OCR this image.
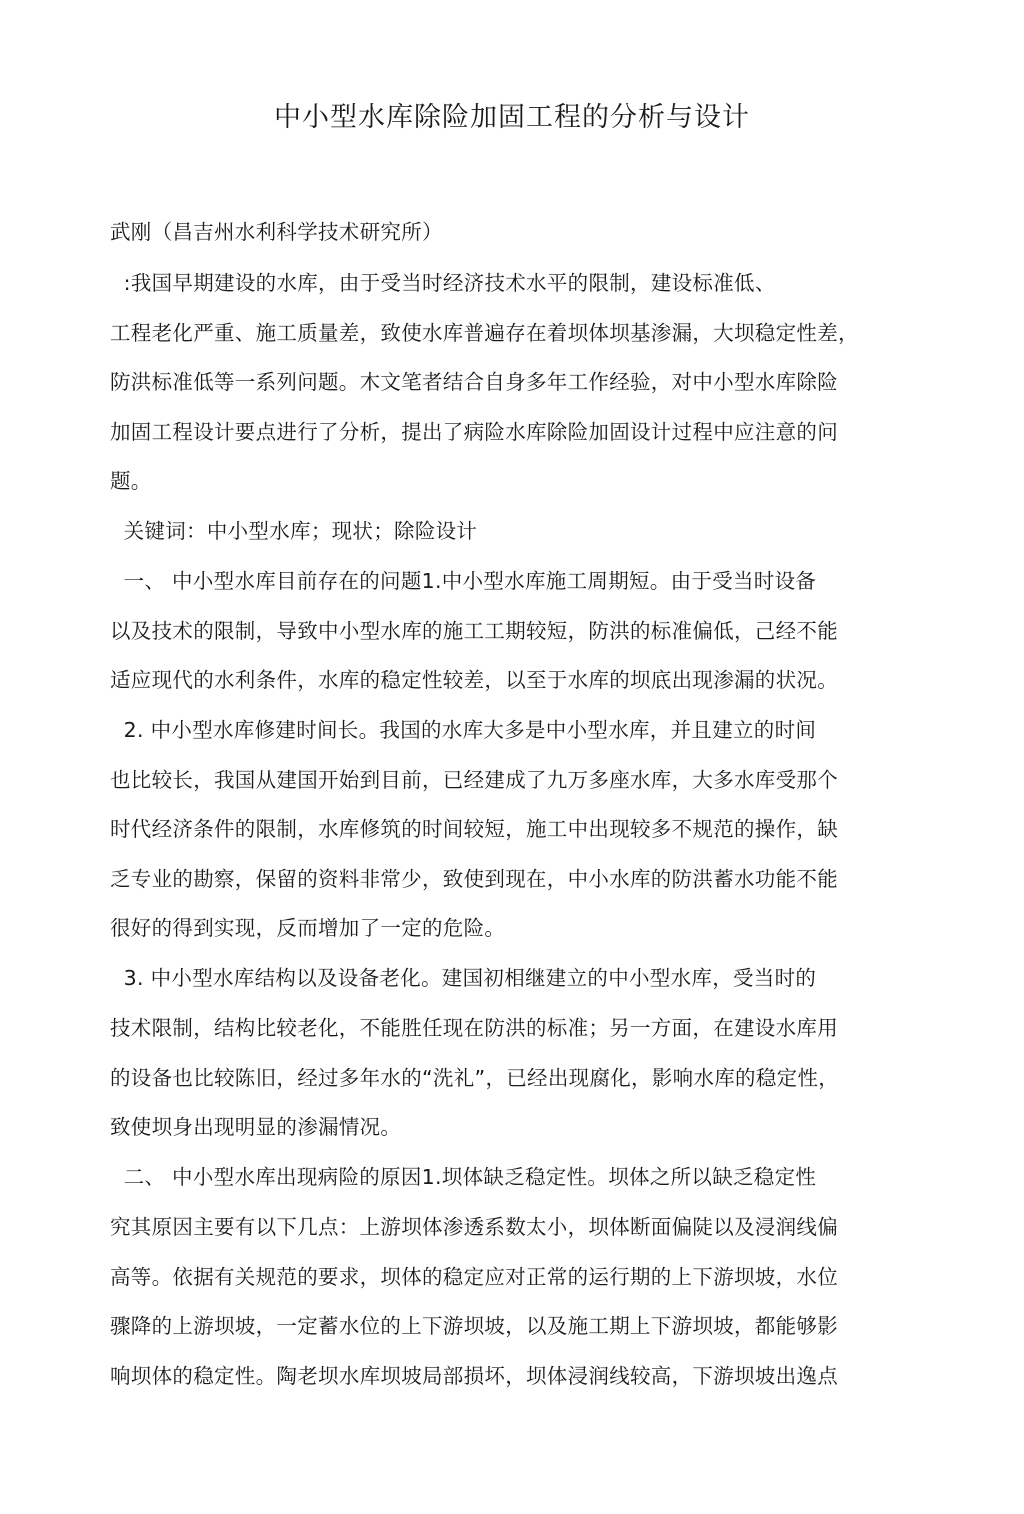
中小型水库除险加固工程的分析与设计
武刚（昌吉州水利科学技术研究所）
:我国早期建设的水库，由于受当时经济技术水平的限制，建设标准低、
工程老化严重、施工质量差，致使水库普遍存在着坝体坝基渗漏，大坝稳定性差，
防洪标准低等一系列问题。木文笔者结合自身多年工作经验，对中小型水库除险
加固工程设计要点进行了分析，提出了病险水库除险加固设计过程中应注意的问
题。
关键词：中小型水库；现状；除险设计
一、 中小型水库目前存在的问题1.中小型水库施工周期短。由于受当时设备
以及技术的限制，导致中小型水库的施工工期较短，防洪的标准偏低，己经不能
适应现代的水利条件，水库的稳定性较差，以至于水库的坝底出现渗漏的状况。
2. 中小型水库修建时间长。我国的水库大多是中小型水库，并且建立的时间
也比较长，我国从建国开始到目前，已经建成了九万多座水库，大多水库受那个
时代经济条件的限制，水库修筑的时间较短，施工中出现较多不规范的操作，缺
乏专业的勘察，保留的资料非常少，致使到现在，中小水库的防洪蓄水功能不能
很好的得到实现，反而增加了一定的危险。
3. 中小型水库结构以及设备老化。建国初相继建立的中小型水库，受当时的
技术限制，结构比较老化，不能胜任现在防洪的标准；另一方面，在建设水库用
的设备也比较陈旧，经过多年水的“洗礼”，已经出现腐化，影响水库的稳定性，
致使坝身出现明显的渗漏情况。
二、 中小型水库出现病险的原因1.坝体缺乏稳定性。坝体之所以缺乏稳定性
究其原因主要有以下几点：上游坝体渗透系数太小，坝体断面偏陡以及浸润线偏
高等。依据有关规范的要求，坝体的稳定应对正常的运行期的上下游坝坡，水位
骤降的上游坝坡，一定蓄水位的上下游坝坡，以及施工期上下游坝坡，都能够影
响坝体的稳定性。陶老坝水库坝坡局部损坏，坝体浸润线较高，下游坝坡出逸点
